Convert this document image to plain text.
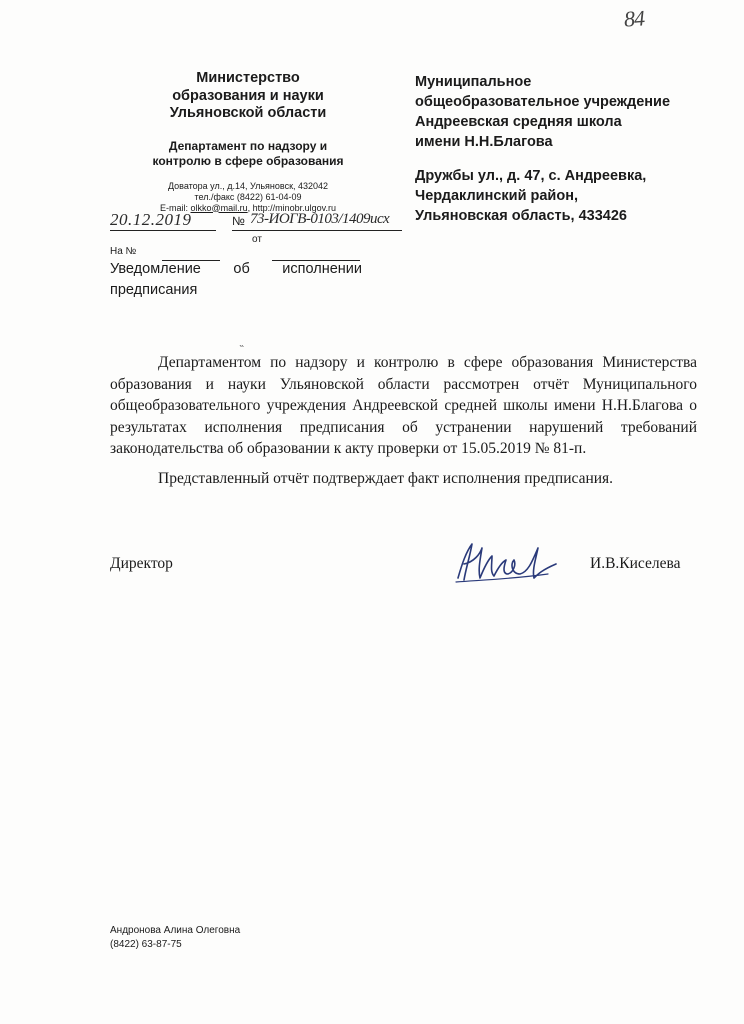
84
Министерство
образования и науки
Ульяновской области
Департамент по надзору и
контролю в сфере образования
Доватора ул., д.14, Ульяновск, 432042
тел./факс (8422) 61-04-09
E-mail: olkko@mail.ru, http://minobr.ulgov.ru
Муниципальное
общеобразовательное учреждение
Андреевская средняя школа
имени Н.Н.Благова
Дружбы ул., д. 47, с. Андреевка,
Чердаклинский район,
Ульяновская область, 433426
20.12.2019	№ 73-ИОГВ-0103/1409исх
от
На №
Уведомление об исполнении
предписания
˵

Департаментом по надзору и контролю в сфере образования Министерства образования и науки Ульяновской области рассмотрен отчёт Муниципального общеобразовательного учреждения Андреевской средней школы имени Н.Н.Благова о результатах исполнения предписания об устранении нарушений требований законодательства об образовании к акту проверки от 15.05.2019 № 81-п.

Представленный отчёт подтверждает факт исполнения предписания.

Директор	И.В.Киселева
Андронова Алина Олеговна
(8422) 63-87-75
